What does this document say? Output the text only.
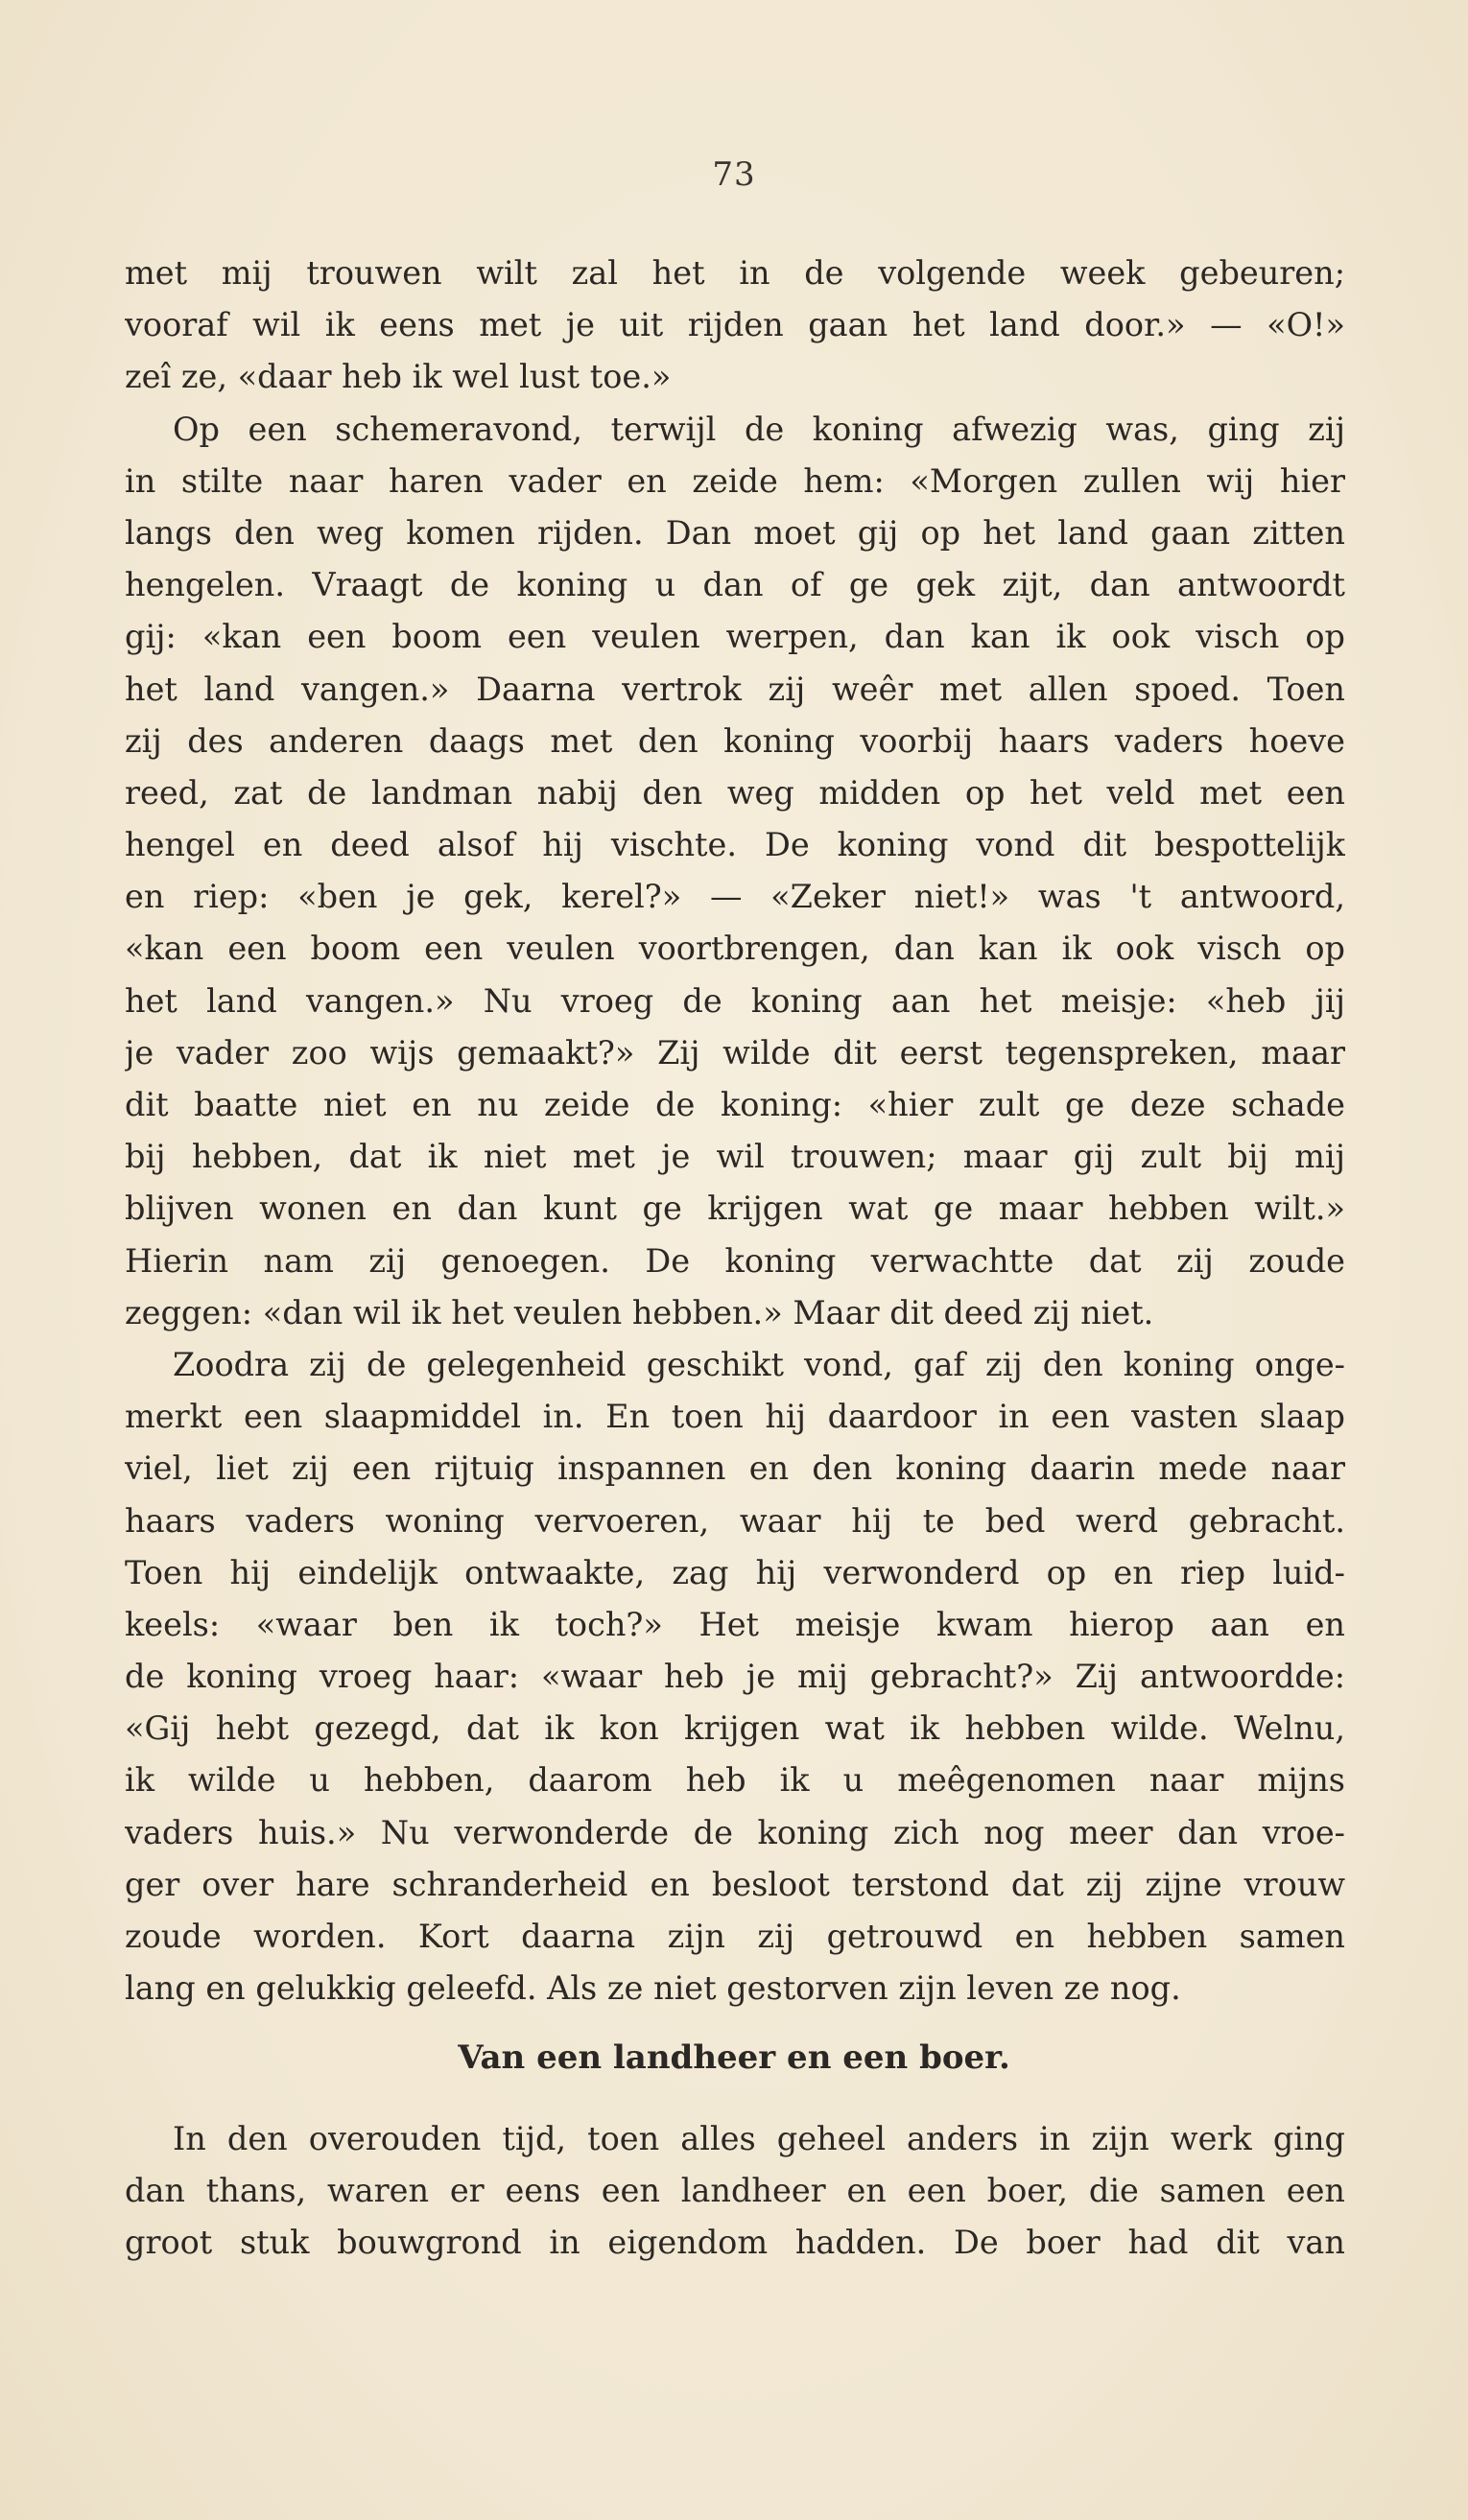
73
met mij trouwen wilt zal het in de volgende week gebeuren;
vooraf wil ik eens met je uit rijden gaan het land door.» — «O!»
zeî ze, «daar heb ik wel lust toe.»
Op een schemeravond, terwijl de koning afwezig was, ging zij
in stilte naar haren vader en zeide hem: «Morgen zullen wij hier
langs den weg komen rijden. Dan moet gij op het land gaan zitten
hengelen. Vraagt de koning u dan of ge gek zijt, dan antwoordt
gij: «kan een boom een veulen werpen, dan kan ik ook visch op
het land vangen.» Daarna vertrok zij weêr met allen spoed. Toen
zij des anderen daags met den koning voorbij haars vaders hoeve
reed, zat de landman nabij den weg midden op het veld met een
hengel en deed alsof hij vischte. De koning vond dit bespottelijk
en riep: «ben je gek, kerel?» — «Zeker niet!» was 't antwoord,
«kan een boom een veulen voortbrengen, dan kan ik ook visch op
het land vangen.» Nu vroeg de koning aan het meisje: «heb jij
je vader zoo wijs gemaakt?» Zij wilde dit eerst tegenspreken, maar
dit baatte niet en nu zeide de koning: «hier zult ge deze schade
bij hebben, dat ik niet met je wil trouwen; maar gij zult bij mij
blijven wonen en dan kunt ge krijgen wat ge maar hebben wilt.»
Hierin nam zij genoegen. De koning verwachtte dat zij zoude
zeggen: «dan wil ik het veulen hebben.» Maar dit deed zij niet.
Zoodra zij de gelegenheid geschikt vond, gaf zij den koning onge-
merkt een slaapmiddel in. En toen hij daardoor in een vasten slaap
viel, liet zij een rijtuig inspannen en den koning daarin mede naar
haars vaders woning vervoeren, waar hij te bed werd gebracht.
Toen hij eindelijk ontwaakte, zag hij verwonderd op en riep luid-
keels: «waar ben ik toch?» Het meisje kwam hierop aan en
de koning vroeg haar: «waar heb je mij gebracht?» Zij antwoordde:
«Gij hebt gezegd, dat ik kon krijgen wat ik hebben wilde. Welnu,
ik wilde u hebben, daarom heb ik u meêgenomen naar mijns
vaders huis.» Nu verwonderde de koning zich nog meer dan vroe-
ger over hare schranderheid en besloot terstond dat zij zijne vrouw
zoude worden. Kort daarna zijn zij getrouwd en hebben samen
lang en gelukkig geleefd. Als ze niet gestorven zijn leven ze nog.
Van een landheer en een boer.
In den overouden tijd, toen alles geheel anders in zijn werk ging
dan thans, waren er eens een landheer en een boer, die samen een
groot stuk bouwgrond in eigendom hadden. De boer had dit van
